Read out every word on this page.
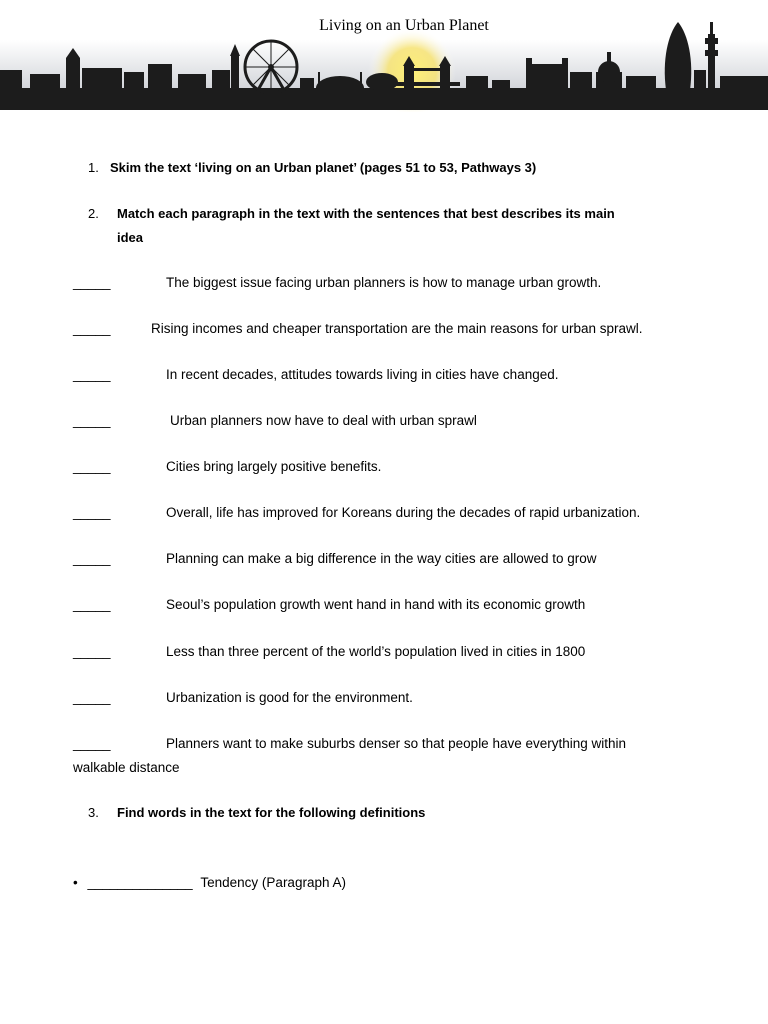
Living on an Urban Planet
1. Skim the text ‘living on an Urban planet’ (pages 51 to 53, Pathways 3)
2. Match each paragraph in the text with the sentences that best describes its main
idea
_____	The biggest issue facing urban planners is how to manage urban growth.
_____	Rising incomes and cheaper transportation are the main reasons for urban sprawl.
_____	In recent decades, attitudes towards living in cities have changed.
_____	Urban planners now have to deal with urban sprawl
_____	Cities bring largely positive benefits.
_____	Overall, life has improved for Koreans during the decades of rapid urbanization.
_____	Planning can make a big difference in the way cities are allowed to grow
_____	Seoul’s population growth went hand in hand with its economic growth
_____	Less than three percent of the world’s population lived in cities in 1800
_____	Urbanization is good for the environment.
_____	Planners want to make suburbs denser so that people have everything within
walkable distance
3. Find words in the text for the following definitions
• ______________ Tendency (Paragraph A)
